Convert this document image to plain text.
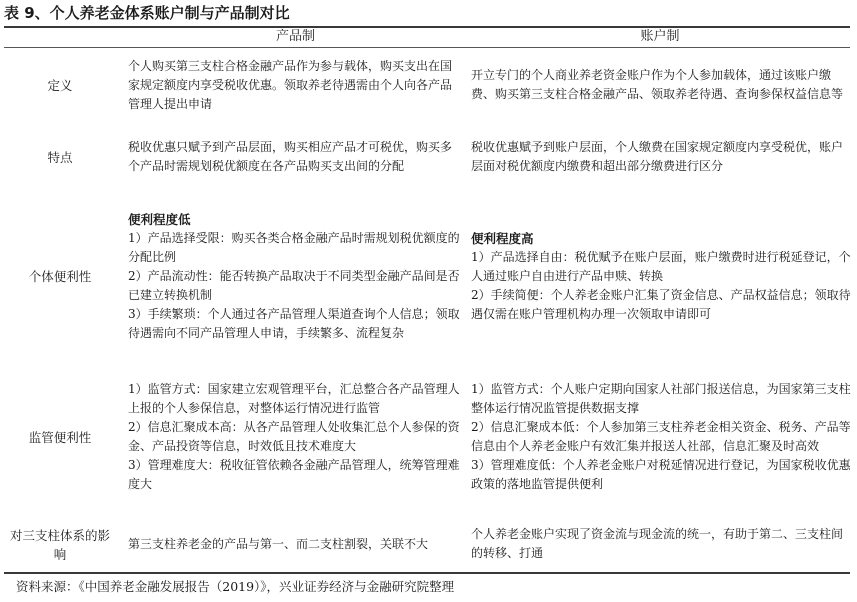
表 9、个人养老金体系账户制与产品制对比
产品制	账户制
定义

个人购买第三支柱合格金融产品作为参与载体，购买支出在国家规定额度内享受税收优惠。领取养老待遇需由个人向各产品管理人提出申请

开立专门的个人商业养老资金账户作为个人参加载体，通过该账户缴费、购买第三支柱合格金融产品、领取养老待遇、查询参保权益信息等

特点

税收优惠只赋予到产品层面，购买相应产品才可税优，购买多个产品时需规划税优额度在各产品购买支出间的分配

税收优惠赋予到账户层面，个人缴费在国家规定额度内享受税优，账户层面对税优额度内缴费和超出部分缴费进行区分

个体便利性

便利程度低

1）产品选择受限：购买各类合格金融产品时需规划税优额度的分配比例

2）产品流动性：能否转换产品取决于不同类型金融产品间是否已建立转换机制

3）手续繁琐：个人通过各产品管理人渠道查询个人信息；领取待遇需向不同产品管理人申请，手续繁多、流程复杂

便利程度高

1）产品选择自由：税优赋予在账户层面，账户缴费时进行税延登记，个人通过账户自由进行产品申赎、转换

2）手续简便：个人养老金账户汇集了资金信息、产品权益信息；领取待遇仅需在账户管理机构办理一次领取申请即可

监管便利性

1）监管方式：国家建立宏观管理平台，汇总整合各产品管理人上报的个人参保信息，对整体运行情况进行监管

2）信息汇聚成本高：从各产品管理人处收集汇总个人参保的资金、产品投资等信息，时效低且技术难度大

3）管理难度大：税收征管依赖各金融产品管理人，统筹管理难度大

1）监管方式：个人账户定期向国家人社部门报送信息，为国家第三支柱整体运行情况监管提供数据支撑

2）信息汇聚成本低：个人参加第三支柱养老金相关资金、税务、产品等信息由个人养老金账户有效汇集并报送人社部，信息汇聚及时高效

3）管理难度低：个人养老金账户对税延情况进行登记，为国家税收优惠政策的落地监管提供便利

对三支柱体系的影响

第三支柱养老金的产品与第一、而二支柱割裂，关联不大

个人养老金账户实现了资金流与现金流的统一，有助于第二、三支柱间的转移、打通

资料来源：《中国养老金融发展报告（2019）》，兴业证券经济与金融研究院整理
